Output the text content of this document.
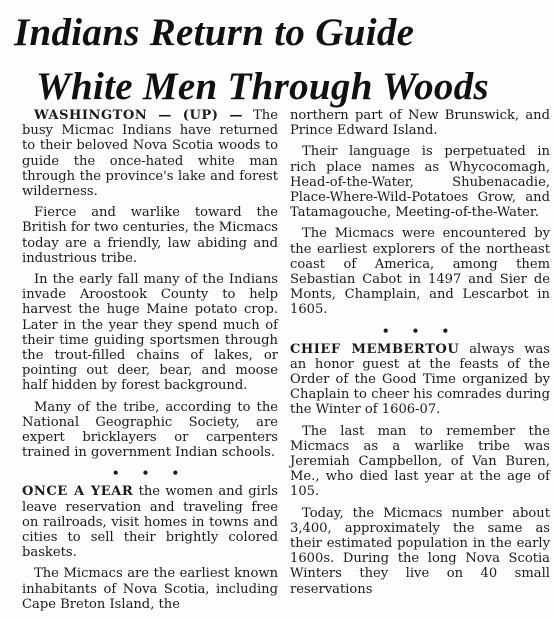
Indians Return to Guide
White Men Through Woods

WASHINGTON — (UP) — The busy Micmac Indians have returned to their beloved Nova Scotia woods to guide the once-hated white man through the province's lake and forest wilderness.

Fierce and warlike toward the British for two centuries, the Micmacs today are a friendly, law abiding and industrious tribe.

In the early fall many of the Indians invade Aroostook County to help harvest the huge Maine potato crop. Later in the year they spend much of their time guiding sportsmen through the trout-filled chains of lakes, or pointing out deer, bear, and moose half hidden by forest background.

Many of the tribe, according to the National Geographic Society, are expert bricklayers or carpenters trained in government Indian schools.

• • •

ONCE A YEAR the women and girls leave reservation and traveling free on railroads, visit homes in towns and cities to sell their brightly colored baskets.

The Micmacs are the earliest known inhabitants of Nova Scotia, including Cape Breton Island, the

northern part of New Brunswick, and Prince Edward Island.

Their language is perpetuated in rich place names as Whycocomagh, Head-of-the-Water, Shubenacadie, Place-Where-Wild-Potatoes Grow, and Tatamagouche, Meeting-of-the-Water.

The Micmacs were encountered by the earliest explorers of the northeast coast of America, among them Sebastian Cabot in 1497 and Sier de Monts, Champlain, and Lescarbot in 1605.

• • •

CHIEF MEMBERTOU always was an honor guest at the feasts of the Order of the Good Time organized by Chaplain to cheer his comrades during the Winter of 1606-07.

The last man to remember the Micmacs as a warlike tribe was Jeremiah Campbellon, of Van Buren, Me., who died last year at the age of 105.

Today, the Micmacs number about 3,400, approximately the same as their estimated population in the early 1600s. During the long Nova Scotia Winters they live on 40 small reservations
